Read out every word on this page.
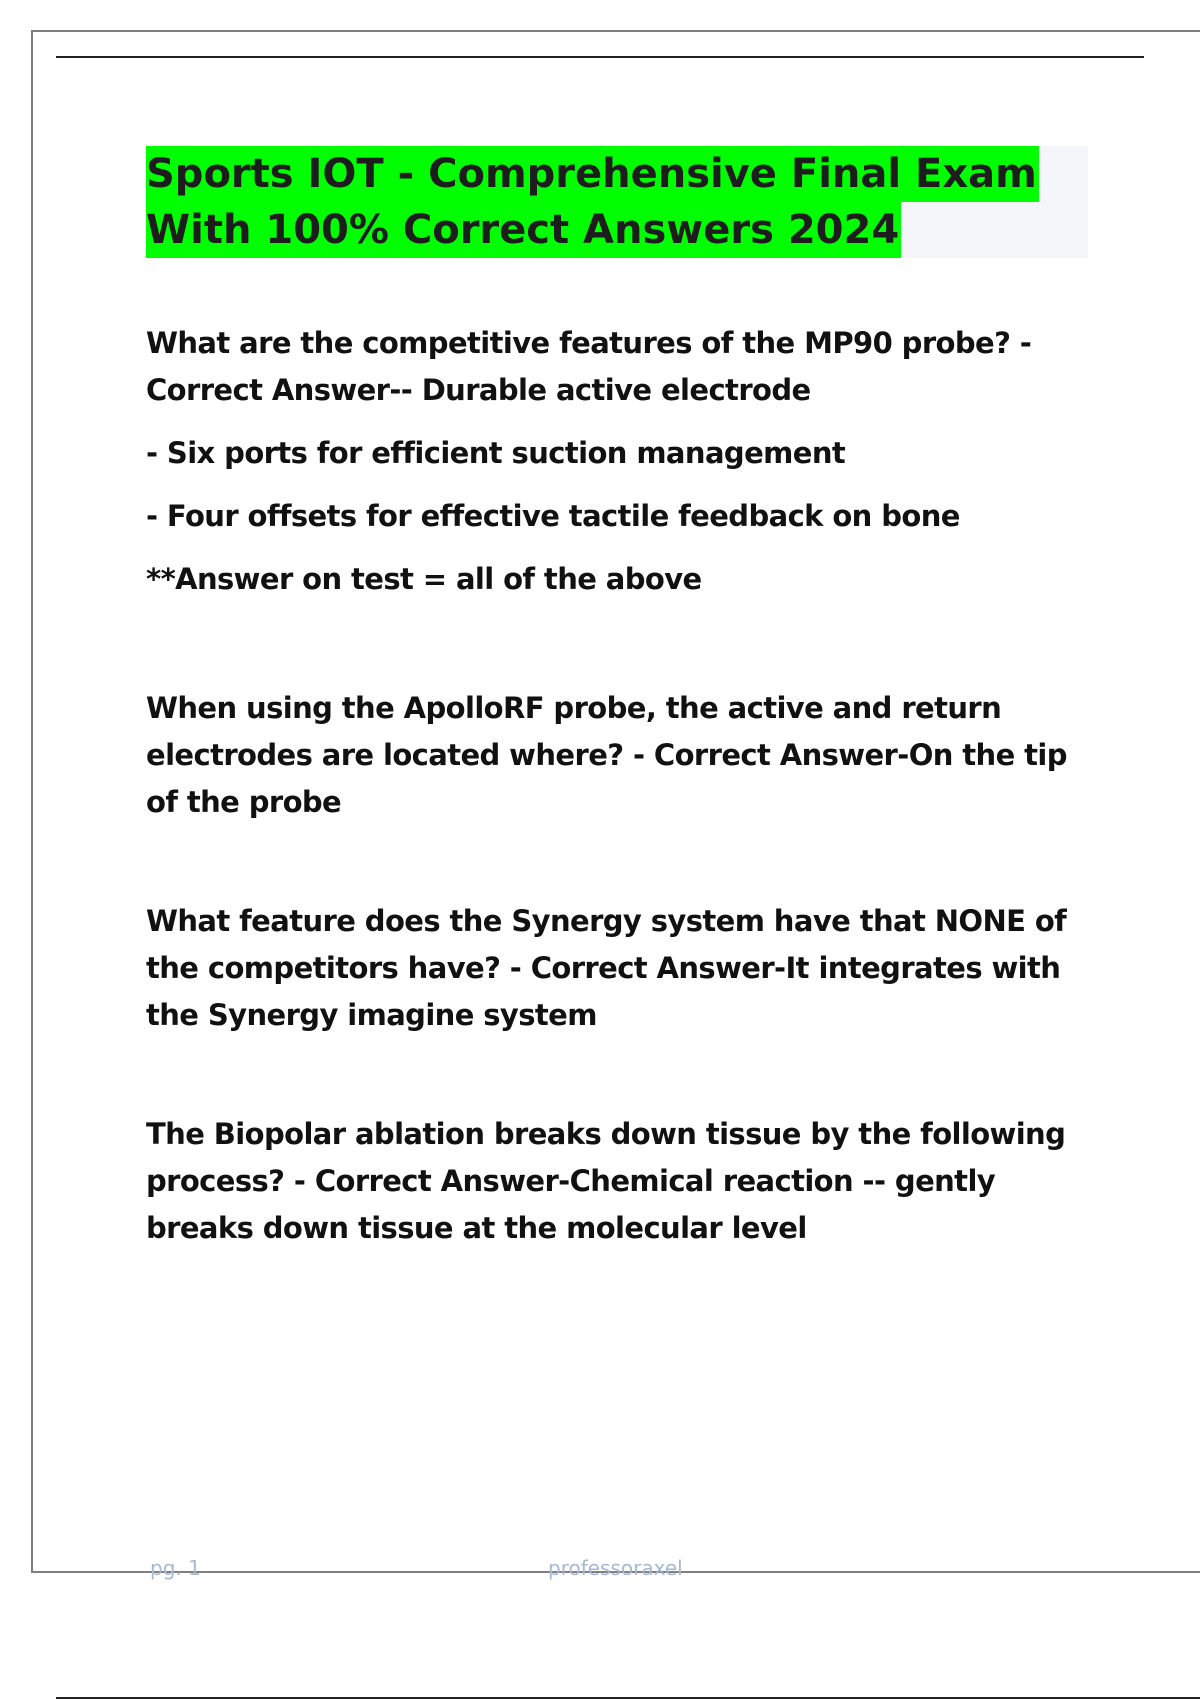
Sports IOT - Comprehensive Final Exam
With 100% Correct Answers 2024

What are the competitive features of the MP90 probe? - Correct Answer-- Durable active electrode

- Six ports for efficient suction management

- Four offsets for effective tactile feedback on bone

**Answer on test = all of the above

When using the ApolloRF probe, the active and return electrodes are located where? - Correct Answer-On the tip of the probe

What feature does the Synergy system have that NONE of the competitors have? - Correct Answer-It integrates with the Synergy imagine system

The Biopolar ablation breaks down tissue by the following process? - Correct Answer-Chemical reaction -- gently breaks down tissue at the molecular level

pg. 1	professoraxel
